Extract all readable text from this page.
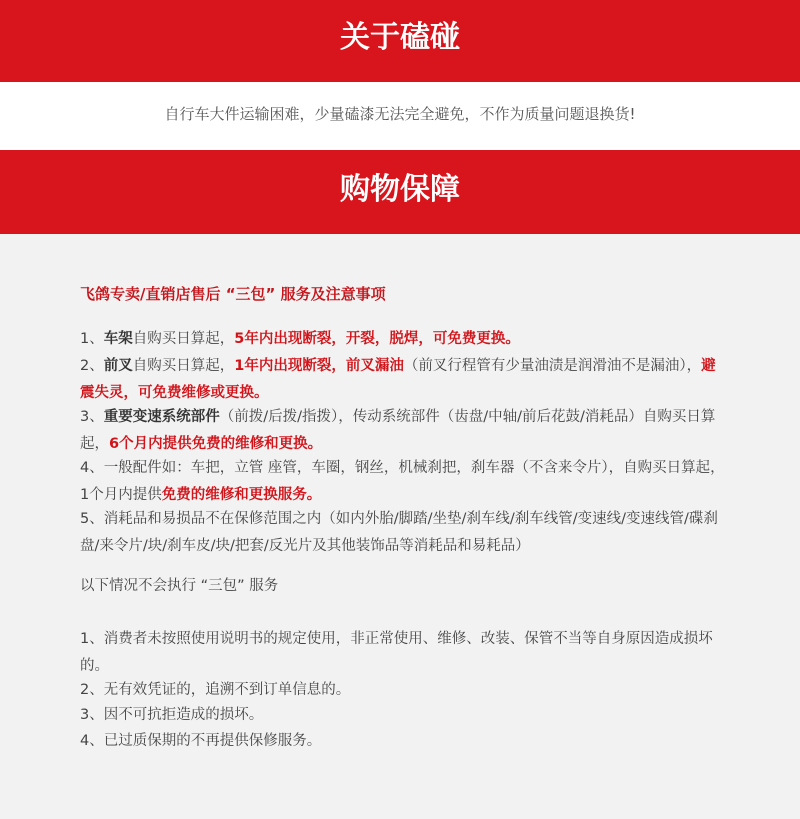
关于磕碰
自行车大件运输困难，少量磕漆无法完全避免，不作为质量问题退换货!
购物保障
飞鸽专卖/直销店售后 “三包” 服务及注意事项
1、车架自购买日算起，5年内出现断裂，开裂，脱焊，可免费更换。
2、前叉自购买日算起，1年内出现断裂，前叉漏油（前叉行程管有少量油渍是润滑油不是漏油），避震失灵，可免费维修或更换。
3、重要变速系统部件（前拨/后拨/指拨），传动系统部件（齿盘/中轴/前后花鼓/消耗品）自购买日算起，6个月内提供免费的维修和更换。
4、一般配件如：车把，立管 座管，车圈，钢丝，机械刹把，刹车器（不含来令片），自购买日算起，1个月内提供免费的维修和更换服务。
5、消耗品和易损品不在保修范围之内（如内外胎/脚踏/坐垫/刹车线/刹车线管/变速线/变速线管/碟刹盘/来令片/块/刹车皮/块/把套/反光片及其他装饰品等消耗品和易耗品）
以下情况不会执行 “三包” 服务
1、消费者未按照使用说明书的规定使用，非正常使用、维修、改装、保管不当等自身原因造成损坏的。
2、无有效凭证的，追溯不到订单信息的。
3、因不可抗拒造成的损坏。
4、已过质保期的不再提供保修服务。
